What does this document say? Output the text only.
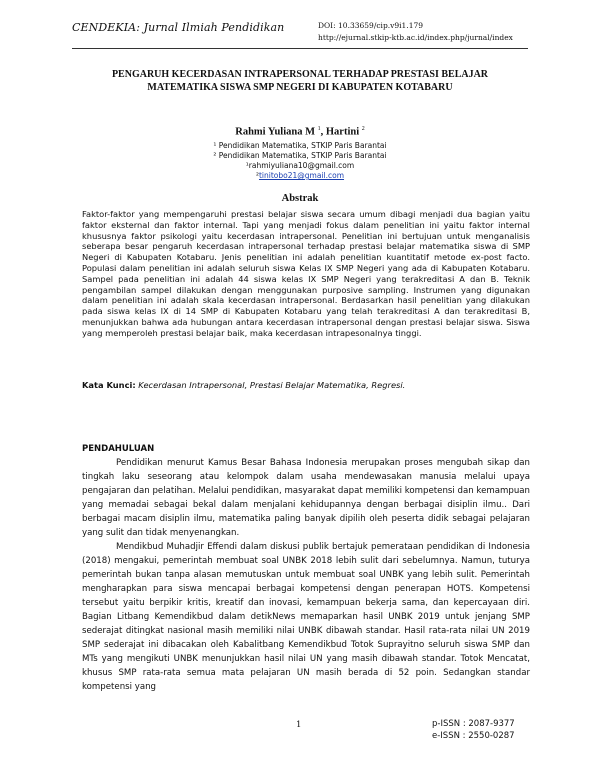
CENDEKIA: Jurnal Ilmiah Pendidikan	DOI: 10.33659/cip.v9i1.179
http://ejurnal.stkip-ktb.ac.id/index.php/jurnal/index
PENGARUH KECERDASAN INTRAPERSONAL TERHADAP PRESTASI BELAJAR
MATEMATIKA SISWA SMP NEGERI DI KABUPATEN KOTABARU
Rahmi Yuliana M $^1$, Hartini $^2$
¹ Pendidikan Matematika, STKIP Paris Barantai
² Pendidikan Matematika, STKIP Paris Barantai
¹rahmiyuliana10@gmail.com
²tinitobo21@gmail.com
Abstrak
Faktor-faktor yang mempengaruhi prestasi belajar siswa secara umum dibagi menjadi dua bagian yaitu faktor eksternal dan faktor internal. Tapi yang menjadi fokus dalam penelitian ini yaitu faktor internal khususnya faktor psikologi yaitu kecerdasan intrapersonal. Penelitian ini bertujuan untuk menganalisis seberapa besar pengaruh kecerdasan intrapersonal terhadap prestasi belajar matematika siswa di SMP Negeri di Kabupaten Kotabaru. Jenis penelitian ini adalah penelitian kuantitatif metode ex-post facto. Populasi dalam penelitian ini adalah seluruh siswa Kelas IX SMP Negeri yang ada di Kabupaten Kotabaru. Sampel pada penelitian ini adalah 44 siswa kelas IX SMP Negeri yang terakreditasi A dan B. Teknik pengambilan sampel dilakukan dengan menggunakan purposive sampling. Instrumen yang digunakan dalam penelitian ini adalah skala kecerdasan intrapersonal. Berdasarkan hasil penelitian yang dilakukan pada siswa kelas IX di 14 SMP di Kabupaten Kotabaru yang telah terakreditasi A dan terakreditasi B, menunjukkan bahwa ada hubungan antara kecerdasan intrapersonal dengan prestasi belajar siswa. Siswa yang memperoleh prestasi belajar baik, maka kecerdasan intrapesonalnya tinggi.
Kata Kunci: Kecerdasan Intrapersonal, Prestasi Belajar Matematika, Regresi.
PENDAHULUAN

Pendidikan menurut Kamus Besar Bahasa Indonesia merupakan proses mengubah sikap dan tingkah laku seseorang atau kelompok dalam usaha mendewasakan manusia melalui upaya pengajaran dan pelatihan. Melalui pendidikan, masyarakat dapat memiliki kompetensi dan kemampuan yang memadai sebagai bekal dalam menjalani kehidupannya dengan berbagai disiplin ilmu.. Dari berbagai macam disiplin ilmu, matematika paling banyak dipilih oleh peserta didik sebagai pelajaran yang sulit dan tidak menyenangkan.

Mendikbud Muhadjir Effendi dalam diskusi publik bertajuk pemerataan pendidikan di Indonesia (2018) mengakui, pemerintah membuat soal UNBK 2018 lebih sulit dari sebelumnya. Namun, tuturya pemerintah bukan tanpa alasan memutuskan untuk membuat soal UNBK yang lebih sulit. Pemerintah mengharapkan para siswa mencapai berbagai kompetensi dengan penerapan HOTS. Kompetensi tersebut yaitu berpikir kritis, kreatif dan inovasi, kemampuan bekerja sama, dan kepercayaan diri. Bagian Litbang Kemendikbud dalam detikNews memaparkan hasil UNBK 2019 untuk jenjang SMP sederajat ditingkat nasional masih memiliki nilai UNBK dibawah standar. Hasil rata-rata nilai UN 2019 SMP sederajat ini dibacakan oleh Kabalitbang Kemendikbud Totok Suprayitno seluruh siswa SMP dan MTs yang mengikuti UNBK menunjukkan hasil nilai UN yang masih dibawah standar. Totok Mencatat, khusus SMP rata-rata semua mata pelajaran UN masih berada di 52 poin. Sedangkan standar kompetensi yang

1	p-ISSN : 2087-9377
e-ISSN : 2550-0287
